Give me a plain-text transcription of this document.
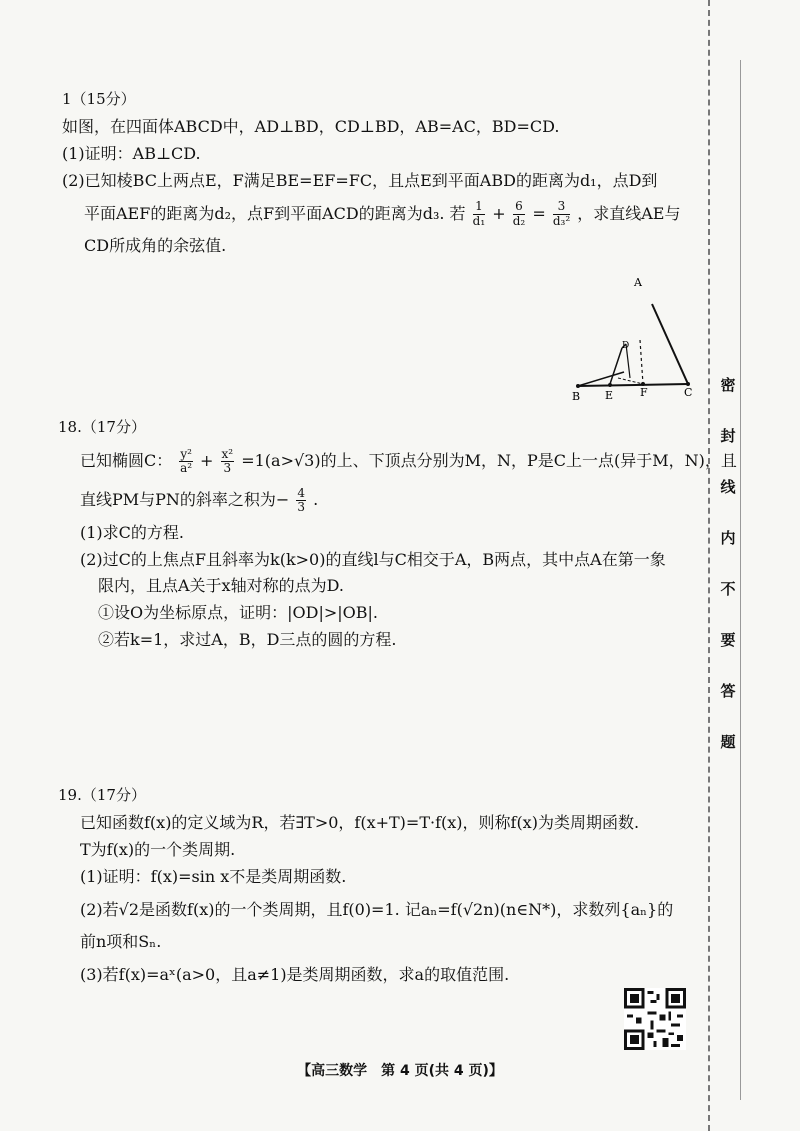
密
封
线
内
不
要
答
题
1（15分）
如图，在四面体ABCD中，AD⊥BD，CD⊥BD，AB=AC，BD=CD.
(1)证明：AB⊥CD.
(2)已知棱BC上两点E，F满足BE=EF=FC，且点E到平面ABD的距离为d₁，点D到
平面AEF的距离为d₂，点F到平面ACD的距离为d₃. 若 $\frac{1}{\text{d₁}} + \frac{6}{\text{d₂}} = \frac{3}{\text{d₃²}}$ ，求直线AE与
CD所成角的余弦值.
A
D
B E F	C
18.（17分）
已知椭圆C： $\frac{\text{y²}}{\text{a²}} + \frac{\text{x²}}{3} =1(a>√3)$的上、下顶点分别为M，N，P是C上一点(异于M，N)，且
直线PM与PN的斜率之积为− $\frac{4}{3}$ .
(1)求C的方程.
(2)过C的上焦点F且斜率为k(k>0)的直线l与C相交于A，B两点，其中点A在第一象
限内，且点A关于x轴对称的点为D.
①设O为坐标原点，证明：|OD|>|OB|.
②若k=1，求过A，B，D三点的圆的方程.
19.（17分）
已知函数f(x)的定义域为R，若∃T>0，f(x+T)=T·f(x)，则称f(x)为类周期函数.
T为f(x)的一个类周期.
(1)证明：f(x)=sin x不是类周期函数.
(2)若√2是函数f(x)的一个类周期，且f(0)=1. 记aₙ=f(√2n)(n∈N*)，求数列{aₙ}的
前n项和Sₙ.
(3)若f(x)=aˣ(a>0，且a≠1)是类周期函数，求a的取值范围.
【高三数学　第 4 页(共 4 页)】
